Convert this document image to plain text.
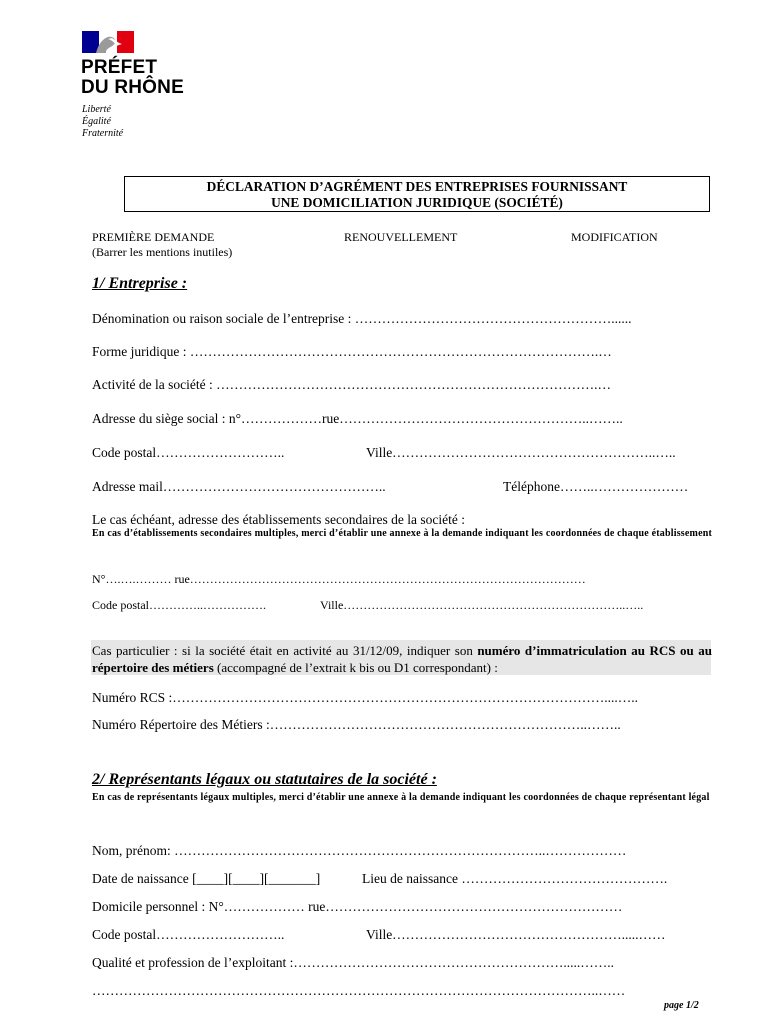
PRÉFET
DU RHÔNE
Liberté
Égalité
Fraternité
DÉCLARATION D’AGRÉMENT DES ENTREPRISES FOURNISSANT
UNE DOMICILIATION JURIDIQUE (SOCIÉTÉ)
PREMIÈRE DEMANDE	RENOUVELLEMENT	MODIFICATION
(Barrer les mentions inutiles)
1/ Entreprise :
Dénomination ou raison sociale de l’entreprise : …………………………………………………......
Forme juridique : ……………………………………………………………………………….…
Activité de la société : ………………………………………………………………………….…
Adresse du siège social : n°………………rue………………………………………………..……..
Code postal………………………..	Ville…………………………………………………..…..
Adresse mail…………………………………………..	Téléphone……..…………………
Le cas échéant, adresse des établissements secondaires de la société :
En cas d’établissements secondaires multiples, merci d’établir une annexe à la demande indiquant les coordonnées de chaque établissement
N°….….……… rue………………………………………………………………………………………
Code postal…………..…………….	Ville……………………………………………………………..…..
Cas particulier : si la société était en activité au 31/12/09, indiquer son numéro d’immatriculation au RCS ou au répertoire des métiers (accompagné de l’extrait k bis ou D1 correspondant) :
Numéro RCS :……………………………………………………………………………………....…..
Numéro Répertoire des Métiers :……………………………………………………………..……..
2/ Représentants légaux ou statutaires de la société :
En cas de représentants légaux multiples, merci d’établir une annexe à la demande indiquant les coordonnées de chaque représentant légal
Nom, prénom: ………………………………………………………………………..………………
Date de naissance [____][____][_______]	Lieu de naissance ……………………………………….
Domicile personnel : N°……………… rue…………………………………………………………
Code postal………………………..	Ville…………………………………………….....……
Qualité et profession de l’exploitant :…………………………………………………….....……..
…………………………………………………………………………………………………..……
page 1/2
